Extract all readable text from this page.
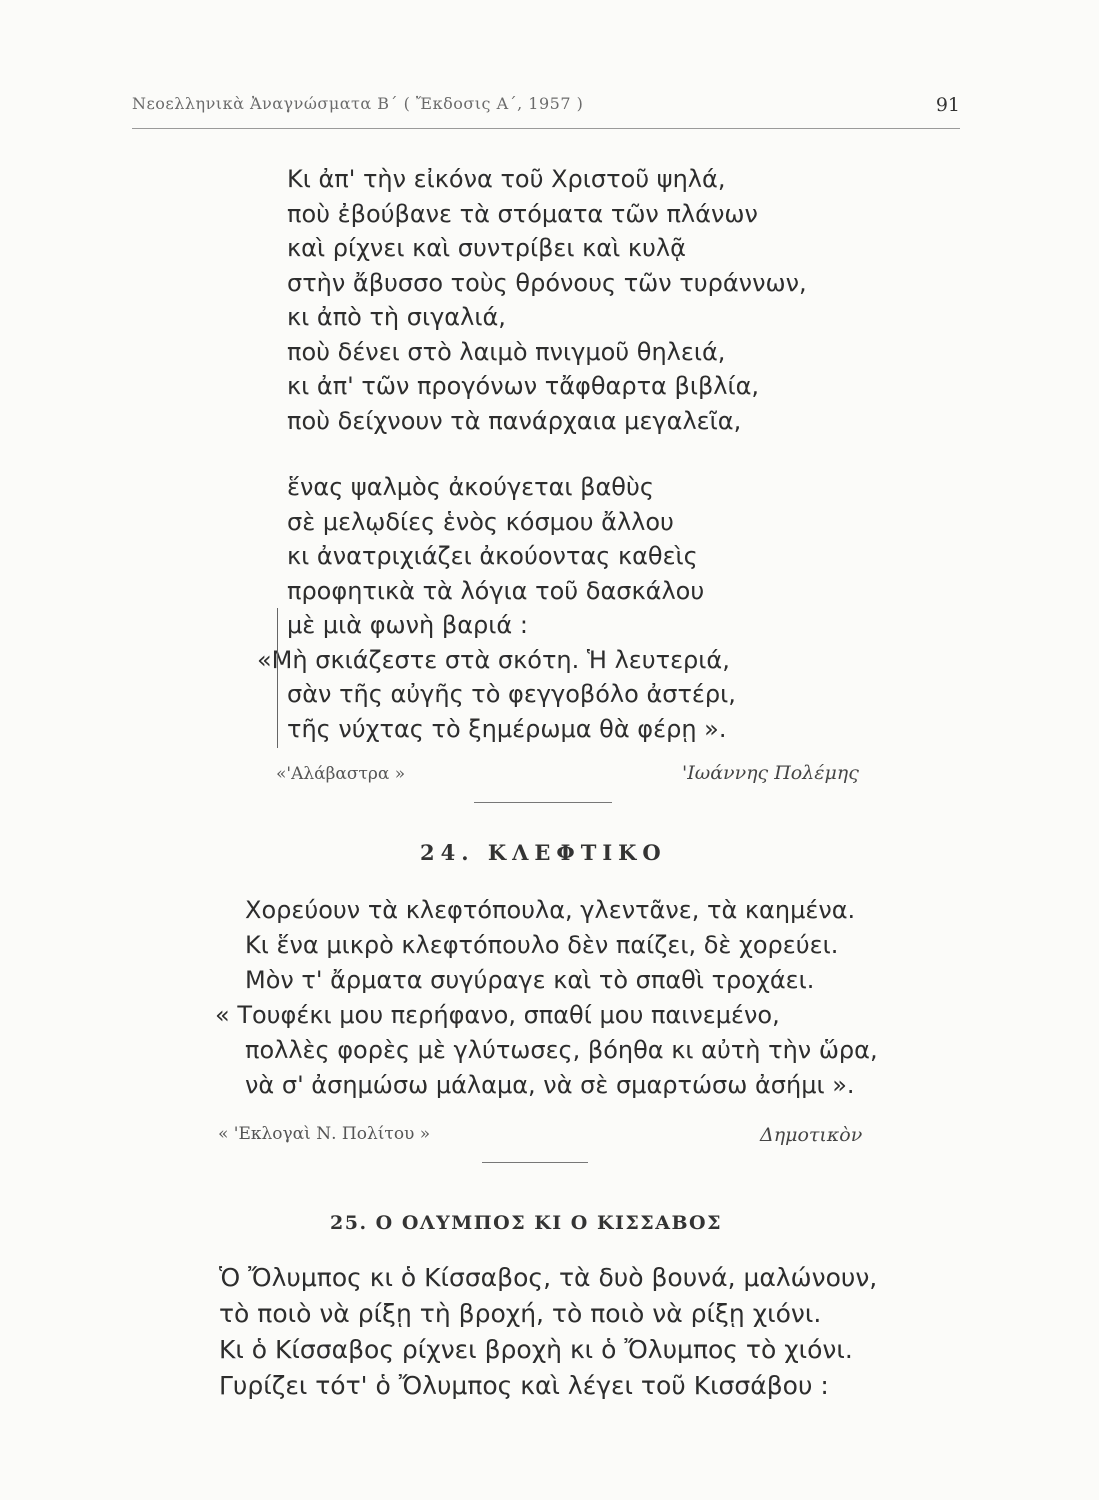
Νεοελληνικὰ Ἀναγνώσματα Β΄ ( Ἔκδοσις Α΄, 1957 )	91
Κι ἀπ' τὴν εἰκόνα τοῦ Χριστοῦ ψηλά,
ποὺ ἐβούβανε τὰ στόματα τῶν πλάνων
καὶ ρίχνει καὶ συντρίβει καὶ κυλᾷ
στὴν ἄβυσσο τοὺς θρόνους τῶν τυράννων,
κι ἀπὸ τὴ σιγαλιά,
ποὺ δένει στὸ λαιμὸ πνιγμοῦ θηλειά,
κι ἀπ' τῶν προγόνων τἄφθαρτα βιβλία,
ποὺ δείχνουν τὰ πανάρχαια μεγαλεῖα,
ἕνας ψαλμὸς ἀκούγεται βαθὺς
σὲ μελῳδίες ἑνὸς κόσμου ἄλλου
κι ἀνατριχιάζει ἀκούοντας καθεὶς
προφητικὰ τὰ λόγια τοῦ δασκάλου
μὲ μιὰ φωνὴ βαριά :
«Μὴ σκιάζεστε στὰ σκότη. Ἡ λευτεριά,
σὰν τῆς αὐγῆς τὸ φεγγοβόλο ἀστέρι,
τῆς νύχτας τὸ ξημέρωμα θὰ φέρῃ ».
«'Αλάβαστρα »	'Ιωάννης Πολέμης
24. ΚΛΕΦΤΙΚΟ
Χορεύουν τὰ κλεφτόπουλα, γλεντᾶνε, τὰ καημένα.
Κι ἕνα μικρὸ κλεφτόπουλο δὲν παίζει, δὲ χορεύει.
Μὸν τ' ἄρματα συγύραγε καὶ τὸ σπαθὶ τροχάει.
« Τουφέκι μου περήφανο, σπαθί μου παινεμένο,
πολλὲς φορὲς μὲ γλύτωσες, βόηθα κι αὐτὴ τὴν ὥρα,
νὰ σ' ἀσημώσω μάλαμα, νὰ σὲ σμαρτώσω ἀσήμι ».
« 'Εκλογαὶ Ν. Πολίτου »	Δημοτικὸν
25. Ο ΟΛΥΜΠΟΣ ΚΙ Ο ΚΙΣΣΑΒΟΣ
Ὁ Ὄλυμπος κι ὁ Κίσσαβος, τὰ δυὸ βουνά, μαλώνουν,
τὸ ποιὸ νὰ ρίξῃ τὴ βροχή, τὸ ποιὸ νὰ ρίξῃ χιόνι.
Κι ὁ Κίσσαβος ρίχνει βροχὴ κι ὁ Ὄλυμπος τὸ χιόνι.
Γυρίζει τότ' ὁ Ὄλυμπος καὶ λέγει τοῦ Κισσάβου :
